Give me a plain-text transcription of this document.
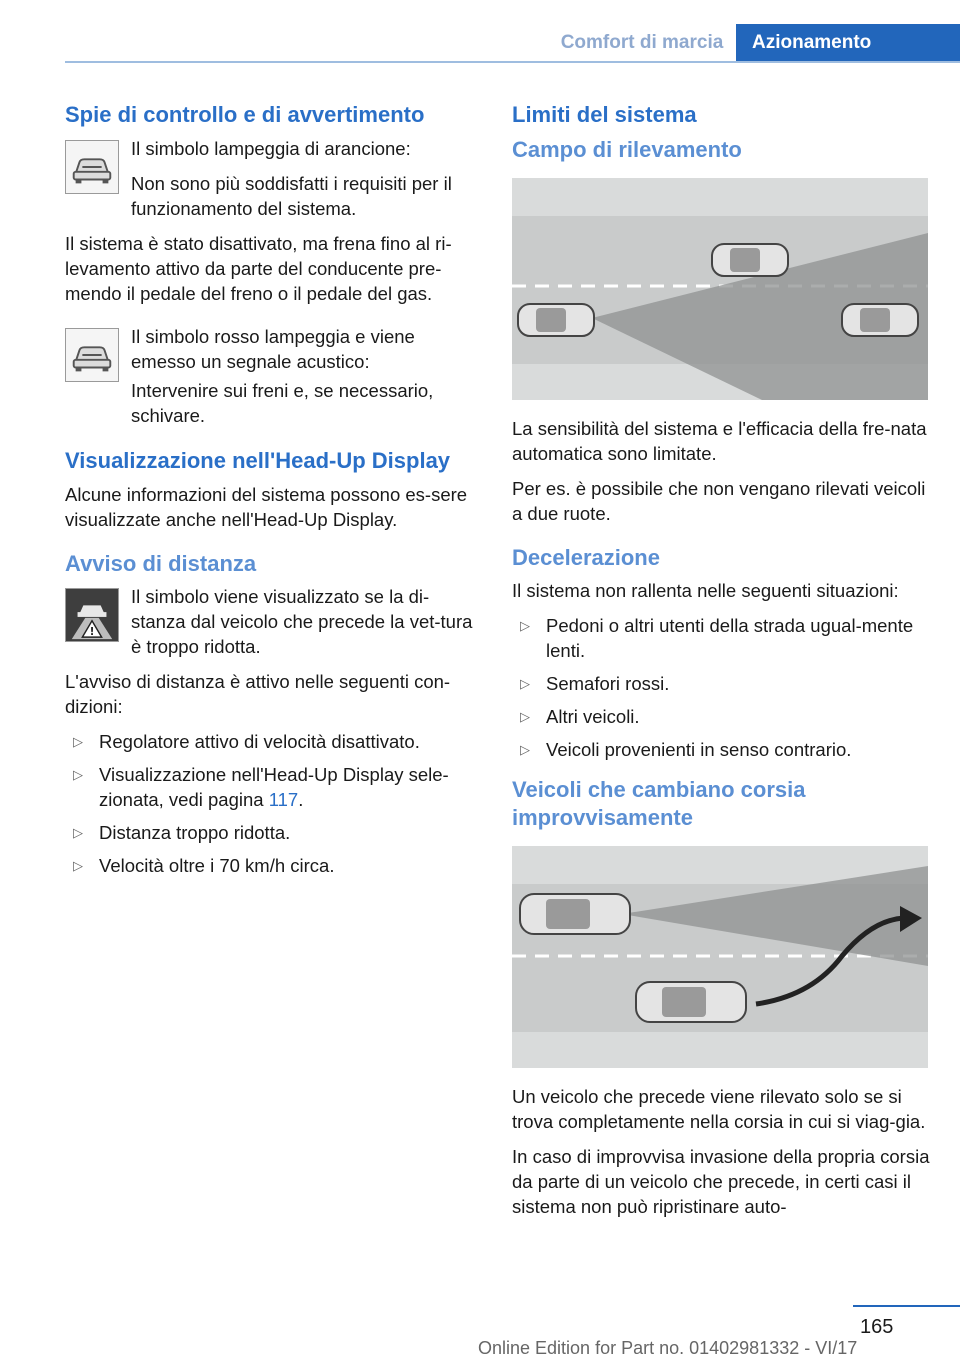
Comfort di marcia	Azionamento
Spie di controllo e di avvertimento

Il simbolo lampeggia di arancione:

Non sono più soddisfatti i requisiti per il funzionamento del sistema.

Il sistema è stato disattivato, ma frena fino al ri‐levamento attivo da parte del conducente pre‐mendo il pedale del freno o il pedale del gas.

Il simbolo rosso lampeggia e viene emesso un segnale acustico:

Intervenire sui freni e, se necessario, schivare.

Visualizzazione nell'Head-Up Display

Alcune informazioni del sistema possono es‐sere visualizzate anche nell'Head-Up Display.

Avviso di distanza
!

Il simbolo viene visualizzato se la di‐stanza dal veicolo che precede la vet‐tura è troppo ridotta.

L'avviso di distanza è attivo nelle seguenti con‐dizioni:

▷ Regolatore attivo di velocità disattivato.
▷ Visualizzazione nell'Head-Up Display sele‐zionata, vedi pagina 117.
▷ Distanza troppo ridotta.
▷ Velocità oltre i 70 km/h circa.
Limiti del sistema
Campo di rilevamento

La sensibilità del sistema e l'efficacia della fre‐nata automatica sono limitate.

Per es. è possibile che non vengano rilevati veicoli a due ruote.

Decelerazione

Il sistema non rallenta nelle seguenti situazioni:

▷ Pedoni o altri utenti della strada ugual‐mente lenti.
▷ Semafori rossi.
▷ Altri veicoli.
▷ Veicoli provenienti in senso contrario.
Veicoli che cambiano corsia improvvisamente

Un veicolo che precede viene rilevato solo se si trova completamente nella corsia in cui si viag‐gia.

In caso di improvvisa invasione della propria corsia da parte di un veicolo che precede, in certi casi il sistema non può ripristinare auto‐

165
Online Edition for Part no. 01402981332 - VI/17
